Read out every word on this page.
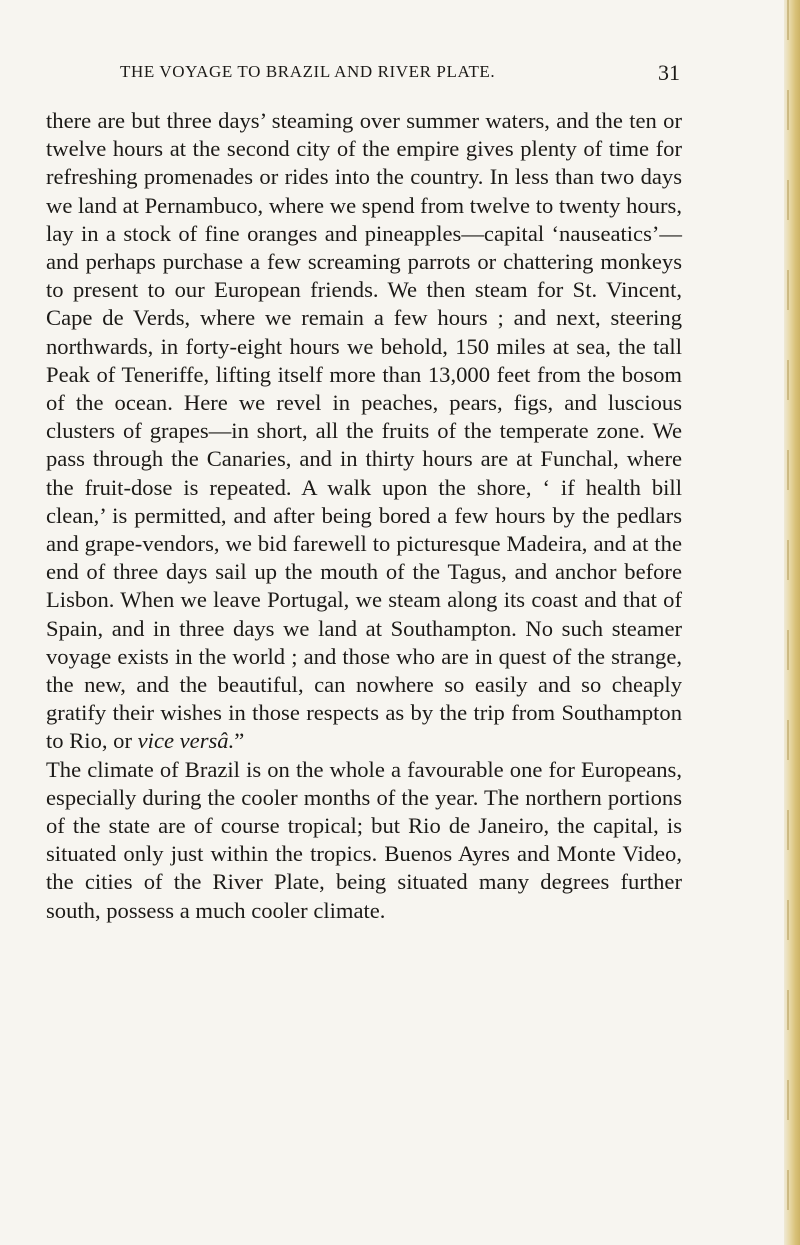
THE VOYAGE TO BRAZIL AND RIVER PLATE.	31

there are but three days’ steaming over summer waters, and the ten or twelve hours at the second city of the empire gives plenty of time for refreshing promenades or rides into the country. In less than two days we land at Pernambuco, where we spend from twelve to twenty hours, lay in a stock of fine oranges and pineapples—capital ‘nauseatics’—and perhaps purchase a few screaming parrots or chattering monkeys to present to our European friends. We then steam for St. Vincent, Cape de Verds, where we remain a few hours ; and next, steering northwards, in forty-eight hours we behold, 150 miles at sea, the tall Peak of Teneriffe, lifting itself more than 13,000 feet from the bosom of the ocean. Here we revel in peaches, pears, figs, and luscious clusters of grapes—in short, all the fruits of the temperate zone. We pass through the Canaries, and in thirty hours are at Funchal, where the fruit-dose is repeated. A walk upon the shore, ‘ if health bill clean,’ is permitted, and after being bored a few hours by the pedlars and grape-vendors, we bid farewell to picturesque Madeira, and at the end of three days sail up the mouth of the Tagus, and anchor before Lisbon. When we leave Portugal, we steam along its coast and that of Spain, and in three days we land at Southampton. No such steamer voyage exists in the world ; and those who are in quest of the strange, the new, and the beautiful, can nowhere so easily and so cheaply gratify their wishes in those respects as by the trip from Southampton to Rio, or vice versâ.”

The climate of Brazil is on the whole a favourable one for Europeans, especially during the cooler months of the year. The northern portions of the state are of course tropical; but Rio de Janeiro, the capital, is situated only just within the tropics. Buenos Ayres and Monte Video, the cities of the River Plate, being situated many degrees further south, possess a much cooler climate.
